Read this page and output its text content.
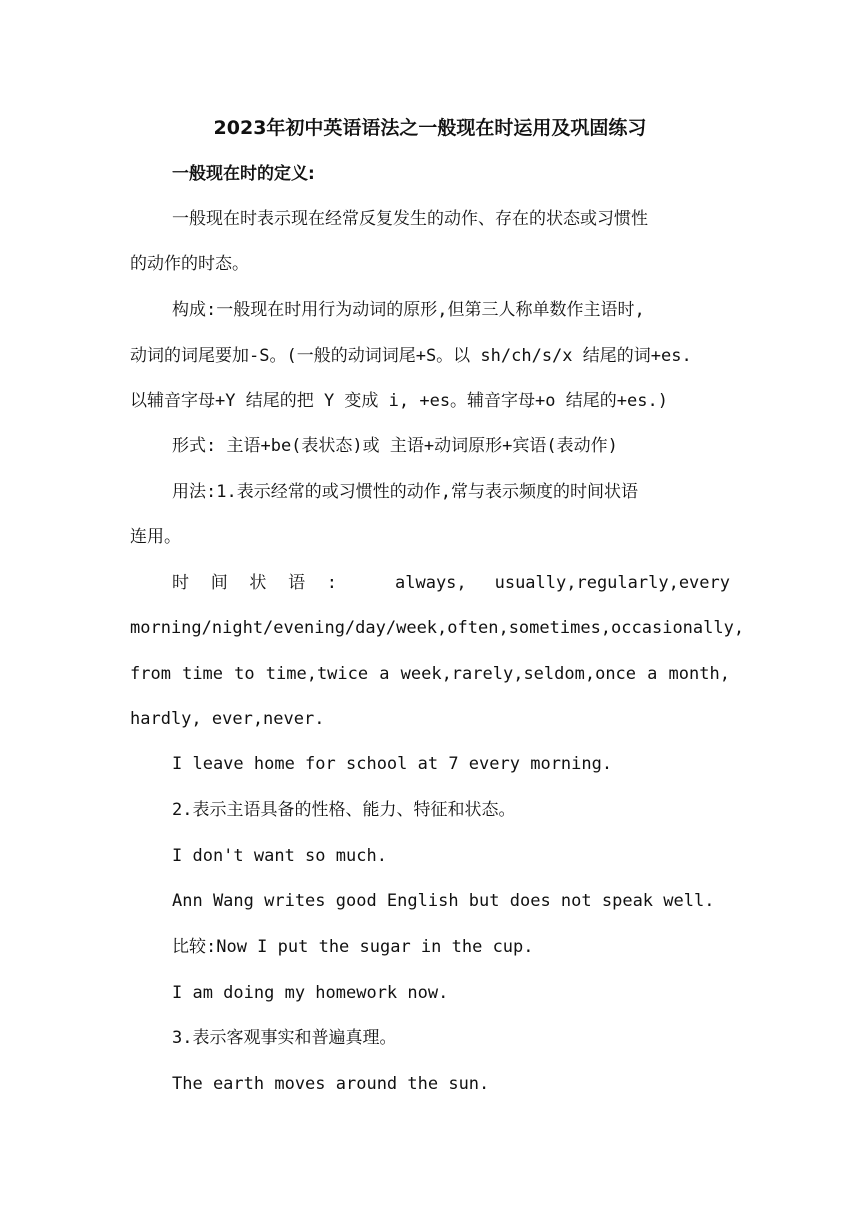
2023年初中英语语法之一般现在时运用及巩固练习
一般现在时的定义:
一般现在时表示现在经常反复发生的动作、存在的状态或习惯性
的动作的时态。
构成:一般现在时用行为动词的原形,但第三人称单数作主语时,
动词的词尾要加-S。(一般的动词词尾+S。以 sh/ch/s/x 结尾的词+es.
以辅音字母+Y 结尾的把 Y 变成 i, +es。辅音字母+o 结尾的+es.)
形式: 主语+be(表状态)或 主语+动词原形+宾语(表动作)
用法:1.表示经常的或习惯性的动作,常与表示频度的时间状语
连用。
时 间 状 语 :	always, usually,regularly,every
morning/night/evening/day/week,often,sometimes,occasionally,
from time to time,twice a week,rarely,seldom,once a month,
hardly, ever,never.
I leave home for school at 7 every morning.
2.表示主语具备的性格、能力、特征和状态。
I don't want so much.
Ann Wang writes good English but does not speak well.
比较:Now I put the sugar in the cup.
I am doing my homework now.
3.表示客观事实和普遍真理。
The earth moves around the sun.
